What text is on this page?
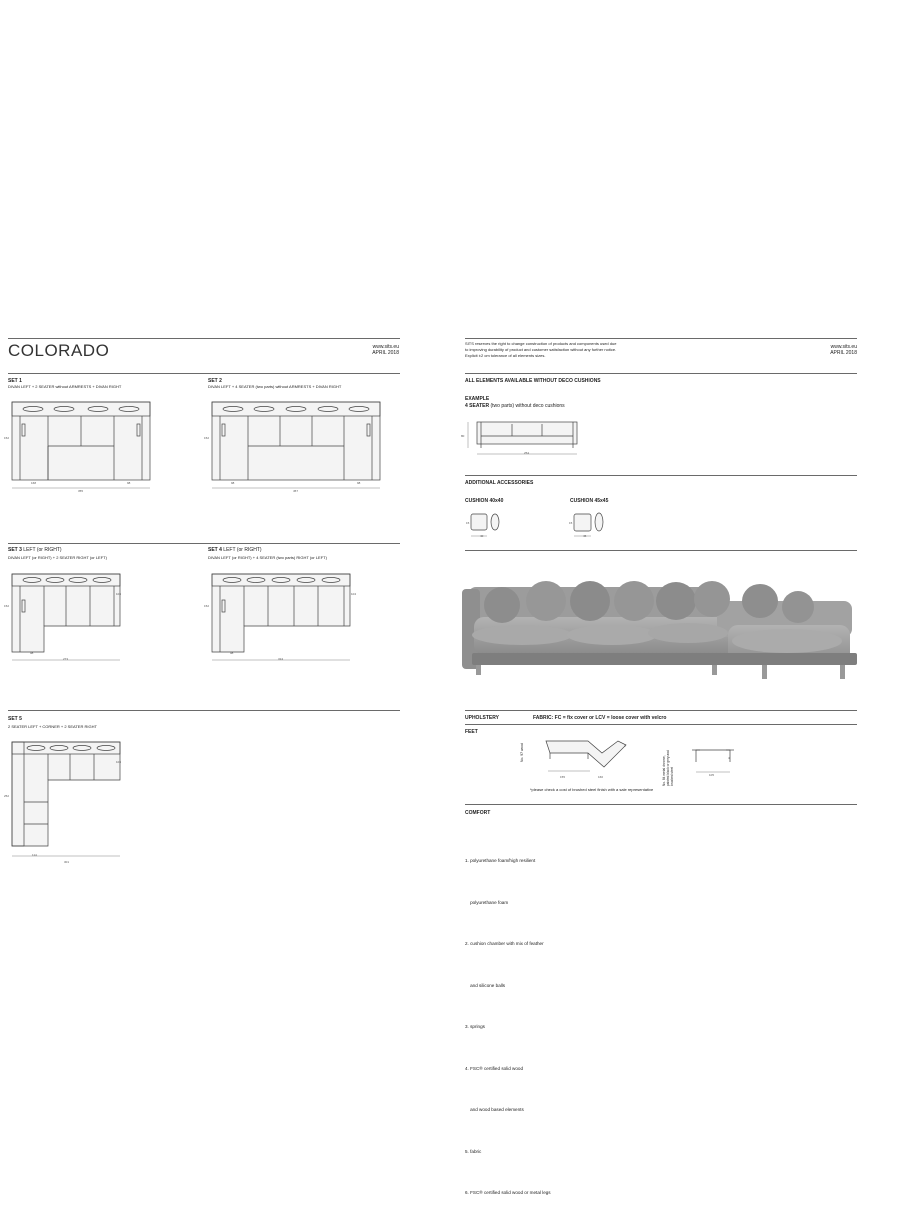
COLORADO	www.sits.eu
APRIL 2018
SET 1
DIVAN LEFT + 2 SEATER without ARMRESTS + DIVAN RIGHT
168
355
98
152
SET 2
DIVAN LEFT + 4 SEATER (two parts) without ARMRESTS + DIVAN RIGHT
98
457
98
152
SET 3 LEFT (or RIGHT)
DIVAN LEFT (or RIGHT) + 2 SEATER RIGHT (or LEFT)
98
273
152
104
SET 4 LEFT (or RIGHT)
DIVAN LEFT (or RIGHT) + 4 SEATER (two parts) RIGHT (or LEFT)
98
324
152
104
SET 5
2 SEATER LEFT + CORNER + 2 SEATER RIGHT
114
301
252
104
SITS reserves the right to change construction of products and components used due
to improving durability of product and customer satisfaction without any further notice.
Explicit ±2 cm tolerance of all elements sizes.
www.sits.eu
APRIL 2018
ALL ELEMENTS AVAILABLE WITHOUT DECO CUSHIONS
EXAMPLE
4 SEATER (two parts) without deco cushions
254
80
ADDITIONAL ACCESSORIES
CUSHION 40x40	CUSHION 45x45
40
15
45
15
UPHOLSTERY	FABRIC: FC = fix cover or LCV = loose cover with velcro
FEET
155	160
2
No. 97 wood
105
4
No. 84 metal chrome, painted black or grey and brushed steel
*please check a cost of brushed steel finish with a sale representative
COMFORT

1. polyurethane foam/high resilient

polyurethane foam

2. cushion chamber with mix of feather

and silicone balls

3. springs

4. FSC® certified solid wood

and wood based elements

5. fabric

6. FSC® certified solid wood or metal legs
